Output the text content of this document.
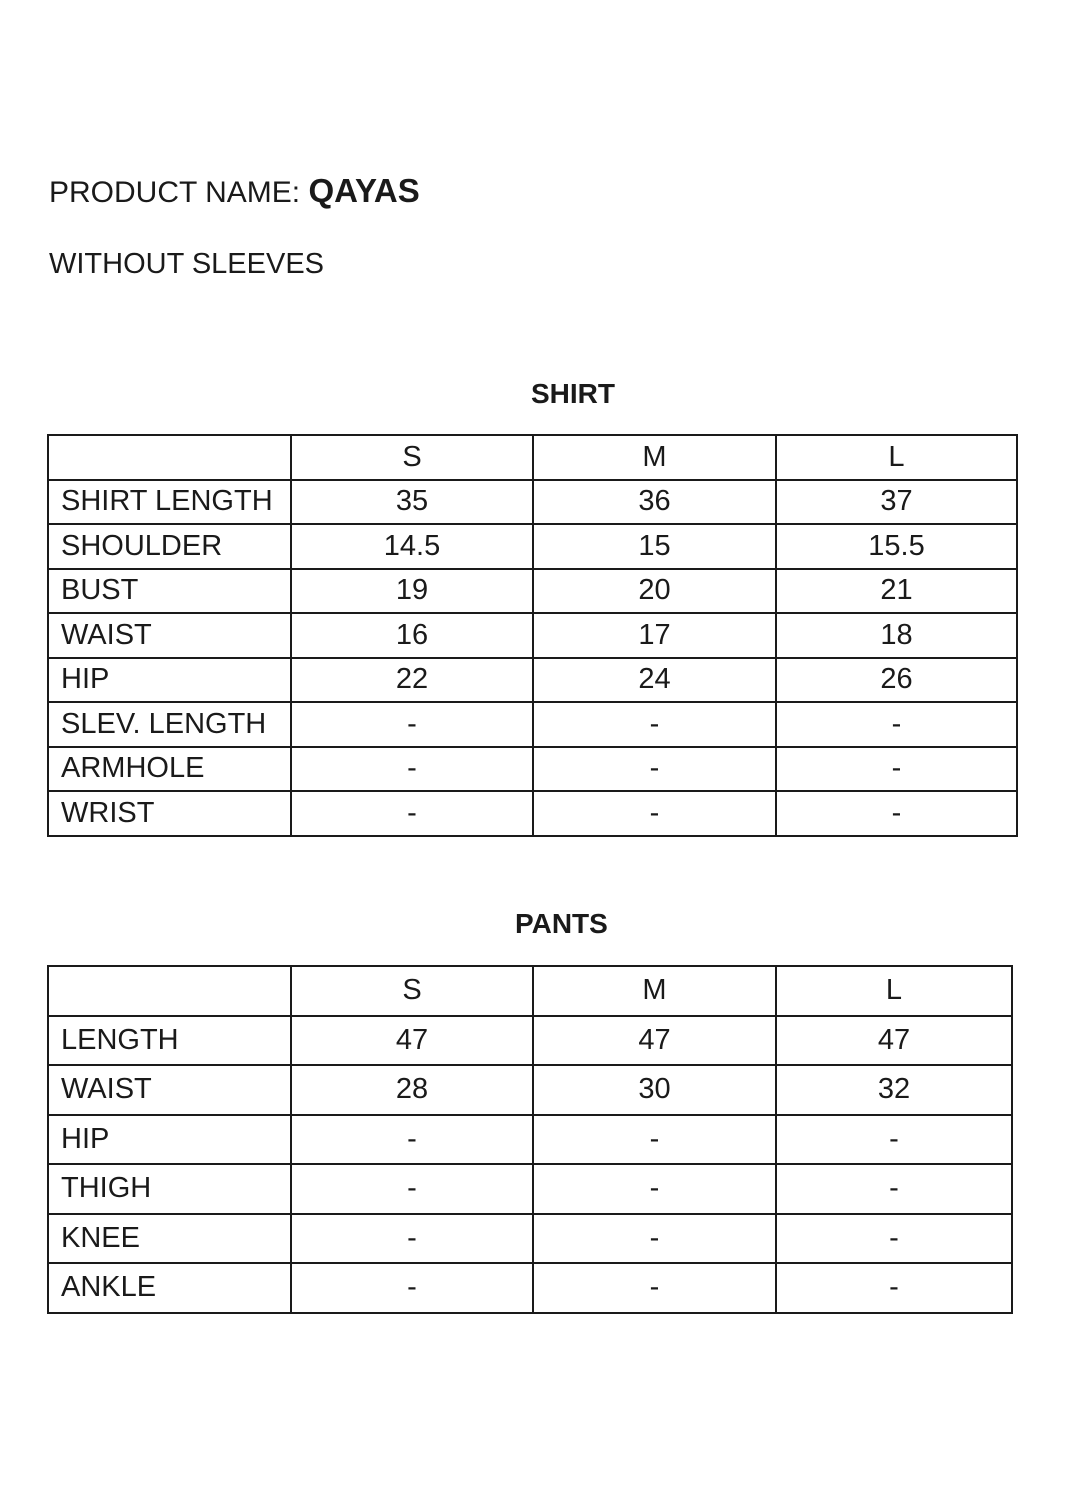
PRODUCT NAME: QAYAS
WITHOUT SLEEVES
SHIRT
	S	M	L
SHIRT LENGTH	35	36	37
SHOULDER	14.5	15	15.5
BUST	19	20	21
WAIST	16	17	18
HIP	22	24	26
SLEV. LENGTH	-	-	-
ARMHOLE	-	-	-
WRIST	-	-	-
PANTS
	S	M	L
LENGTH	47	47	47
WAIST	28	30	32
HIP	-	-	-
THIGH	-	-	-
KNEE	-	-	-
ANKLE	-	-	-
